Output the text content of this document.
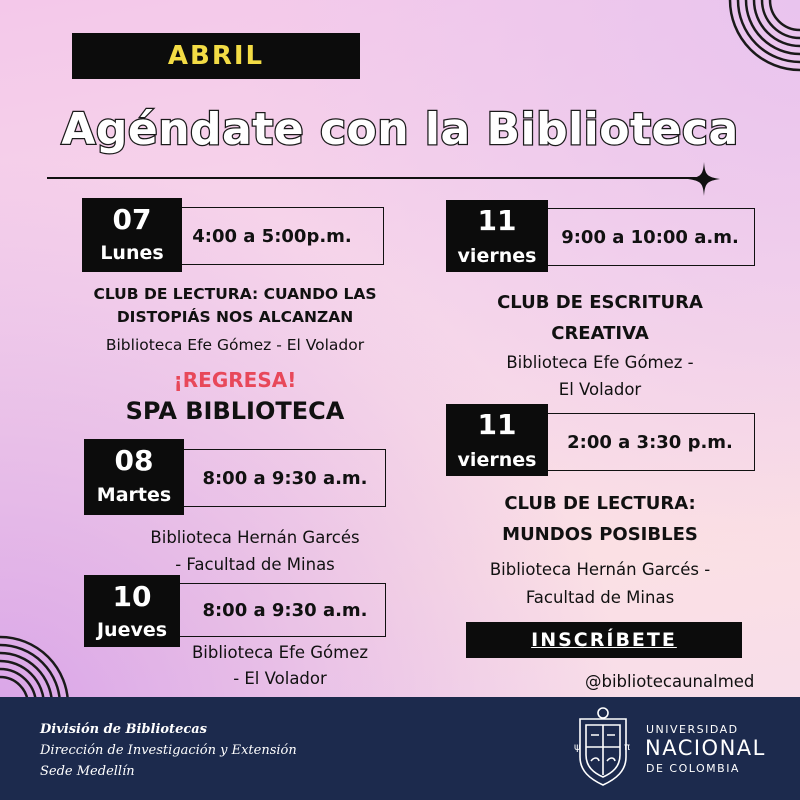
ABRIL
Agéndate con la Biblioteca
4:00 a 5:00p.m.
07
Lunes
CLUB DE LECTURA: CUANDO LAS
DISTOPIÁS NOS ALCANZAN
Biblioteca Efe Gómez - El Volador
¡REGRESA!
SPA BIBLIOTECA
8:00 a 9:30 a.m.
08
Martes
Biblioteca Hernán Garcés
- Facultad de Minas
8:00 a 9:30 a.m.
10
Jueves
Biblioteca Efe Gómez
- El Volador
9:00 a 10:00 a.m.
11
viernes
CLUB DE ESCRITURA
CREATIVA
Biblioteca Efe Gómez -
El Volador
2:00 a 3:30 p.m.
11
viernes
CLUB DE LECTURA:
MUNDOS POSIBLES
Biblioteca Hernán Garcés -
Facultad de Minas
INSCRÍBETE
@bibliotecaunalmed
División de Bibliotecas
Dirección de Investigación y Extensión
Sede Medellín
ψ	π
UNIVERSIDAD
NACIONAL
DE COLOMBIA
